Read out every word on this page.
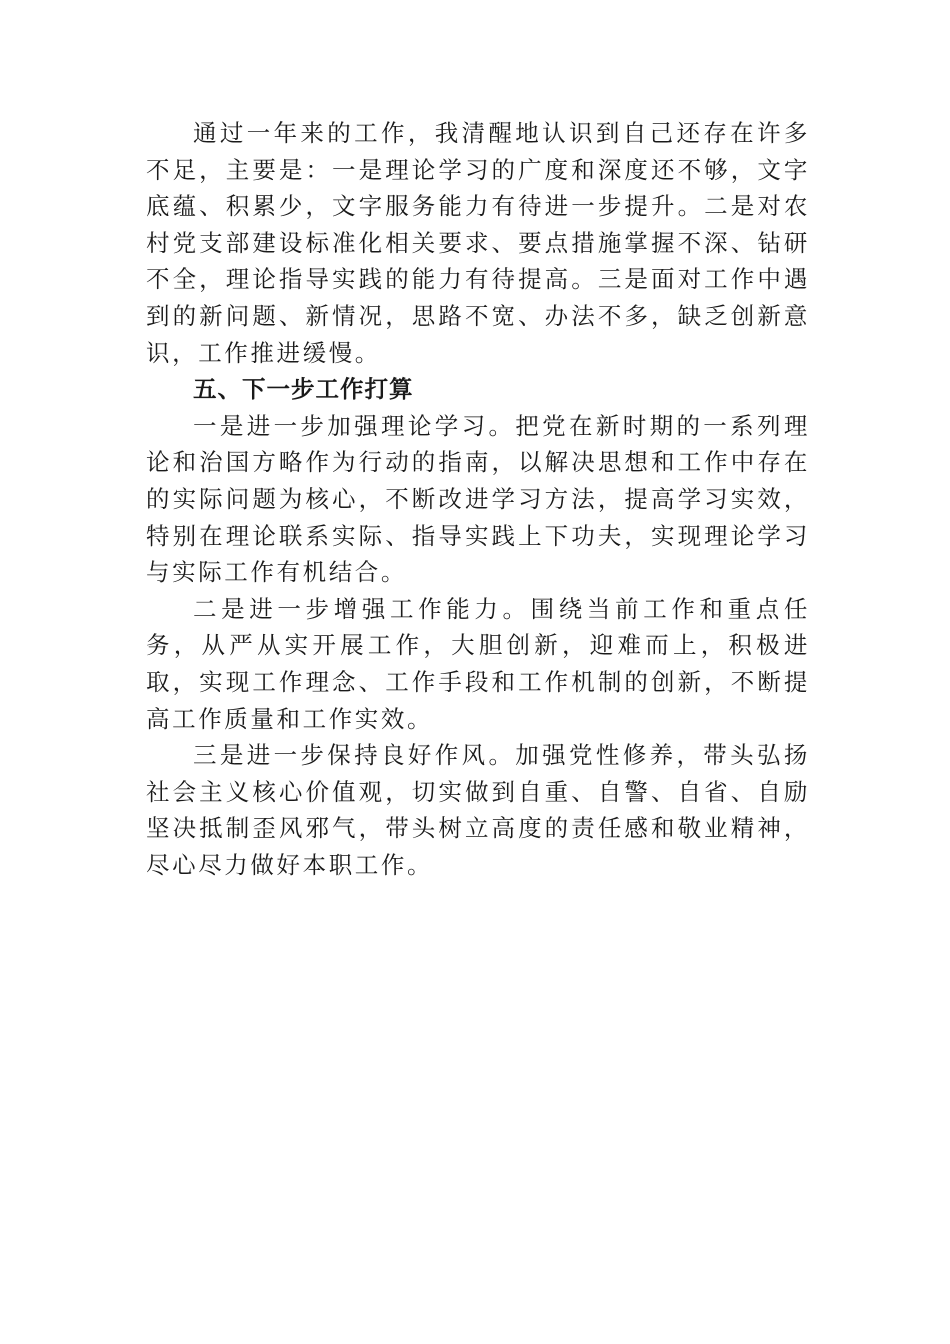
通过一年来的工作，我清醒地认识到自己还存在许多不足，主要是：一是理论学习的广度和深度还不够，文字底蕴、积累少，文字服务能力有待进一步提升。二是对农村党支部建设标准化相关要求、要点措施掌握不深、钻研不全，理论指导实践的能力有待提高。三是面对工作中遇到的新问题、新情况，思路不宽、办法不多，缺乏创新意识，工作推进缓慢。

五、下一步工作打算

一是进一步加强理论学习。把党在新时期的一系列理论和治国方略作为行动的指南，以解决思想和工作中存在的实际问题为核心，不断改进学习方法，提高学习实效，特别在理论联系实际、指导实践上下功夫，实现理论学习与实际工作有机结合。

二是进一步增强工作能力。围绕当前工作和重点任务，从严从实开展工作，大胆创新，迎难而上，积极进取，实现工作理念、工作手段和工作机制的创新，不断提高工作质量和工作实效。

三是进一步保持良好作风。加强党性修养，带头弘扬社会主义核心价值观，切实做到自重、自警、自省、自励坚决抵制歪风邪气，带头树立高度的责任感和敬业精神，尽心尽力做好本职工作。
